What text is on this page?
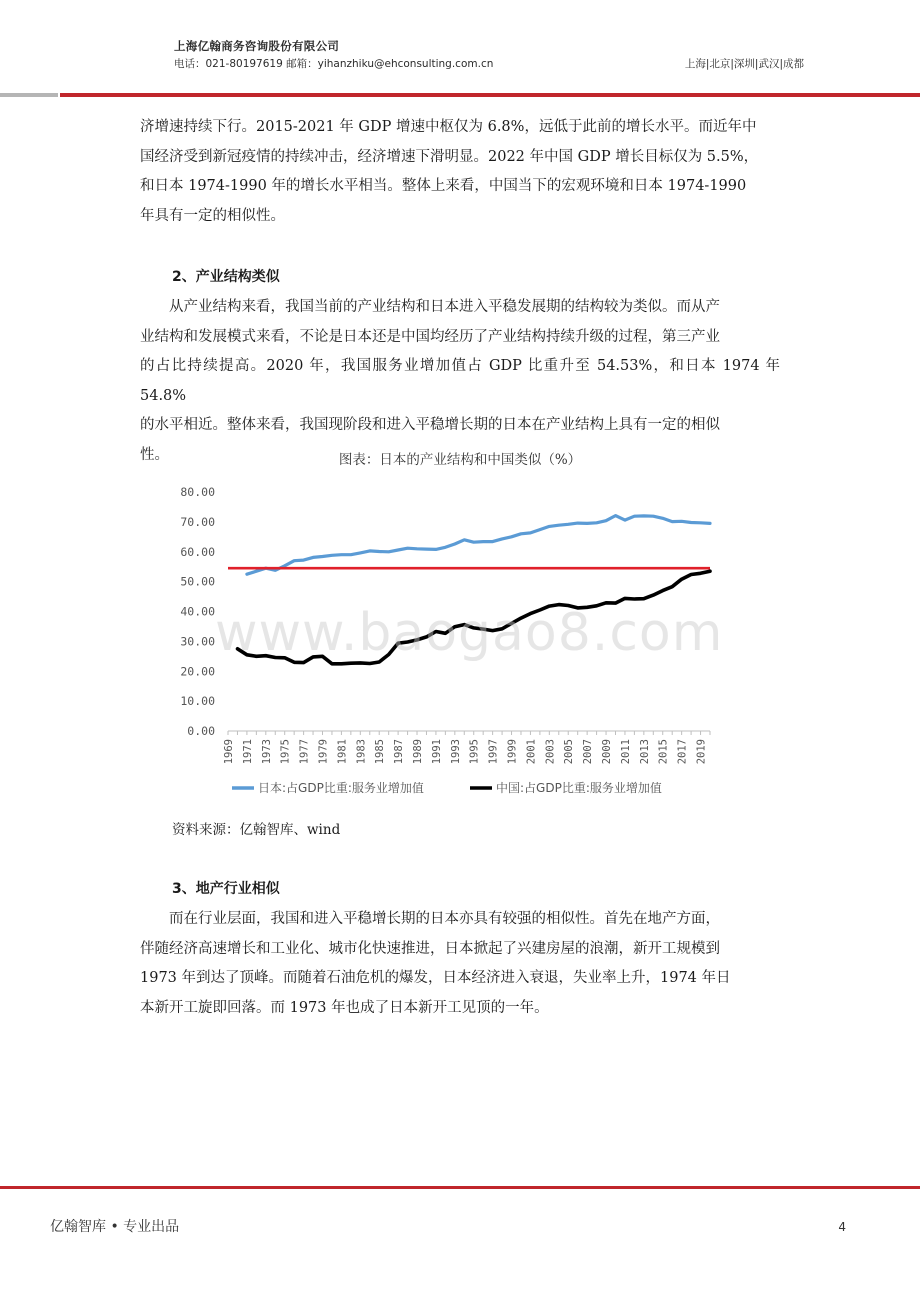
上海亿翰商务咨询股份有限公司
电话：021-80197619 邮箱：yihanzhiku@ehconsulting.com.cn	上海|北京|深圳|武汉|成都

济增速持续下行。2015-2021 年 GDP 增速中枢仅为 6.8%，远低于此前的增长水平。而近年中

国经济受到新冠疫情的持续冲击，经济增速下滑明显。2022 年中国 GDP 增长目标仅为 5.5%，

和日本 1974-1990 年的增长水平相当。整体上来看，中国当下的宏观环境和日本 1974-1990

年具有一定的相似性。

2、产业结构类似

　　从产业结构来看，我国当前的产业结构和日本进入平稳发展期的结构较为类似。而从产

业结构和发展模式来看，不论是日本还是中国均经历了产业结构持续升级的过程，第三产业

的占比持续提高。2020 年，我国服务业增加值占 GDP 比重升至 54.53%，和日本 1974 年 54.8%

的水平相近。整体来看，我国现阶段和进入平稳增长期的日本在产业结构上具有一定的相似

性。	图表：日本的产业结构和中国类似（%）
0.00
10.00
20.00
30.00
40.00
50.00
60.00
70.00
80.00
1969 1971 1973 1975 1977 1979 1981 1983 1985 1987 1989 1991 1993 1995 1997 1999 2001 2003 2005 2007 2009 2011 2013 2015 2017 2019
日本:占GDP比重:服务业增加值	中国:占GDP比重:服务业增加值
www.baogao8.com
资料来源：亿翰智库、wind
3、地产行业相似

　　而在行业层面，我国和进入平稳增长期的日本亦具有较强的相似性。首先在地产方面，

伴随经济高速增长和工业化、城市化快速推进，日本掀起了兴建房屋的浪潮，新开工规模到

1973 年到达了顶峰。而随着石油危机的爆发，日本经济进入衰退，失业率上升，1974 年日

本新开工旋即回落。而 1973 年也成了日本新开工见顶的一年。

亿翰智库 • 专业出品	4
